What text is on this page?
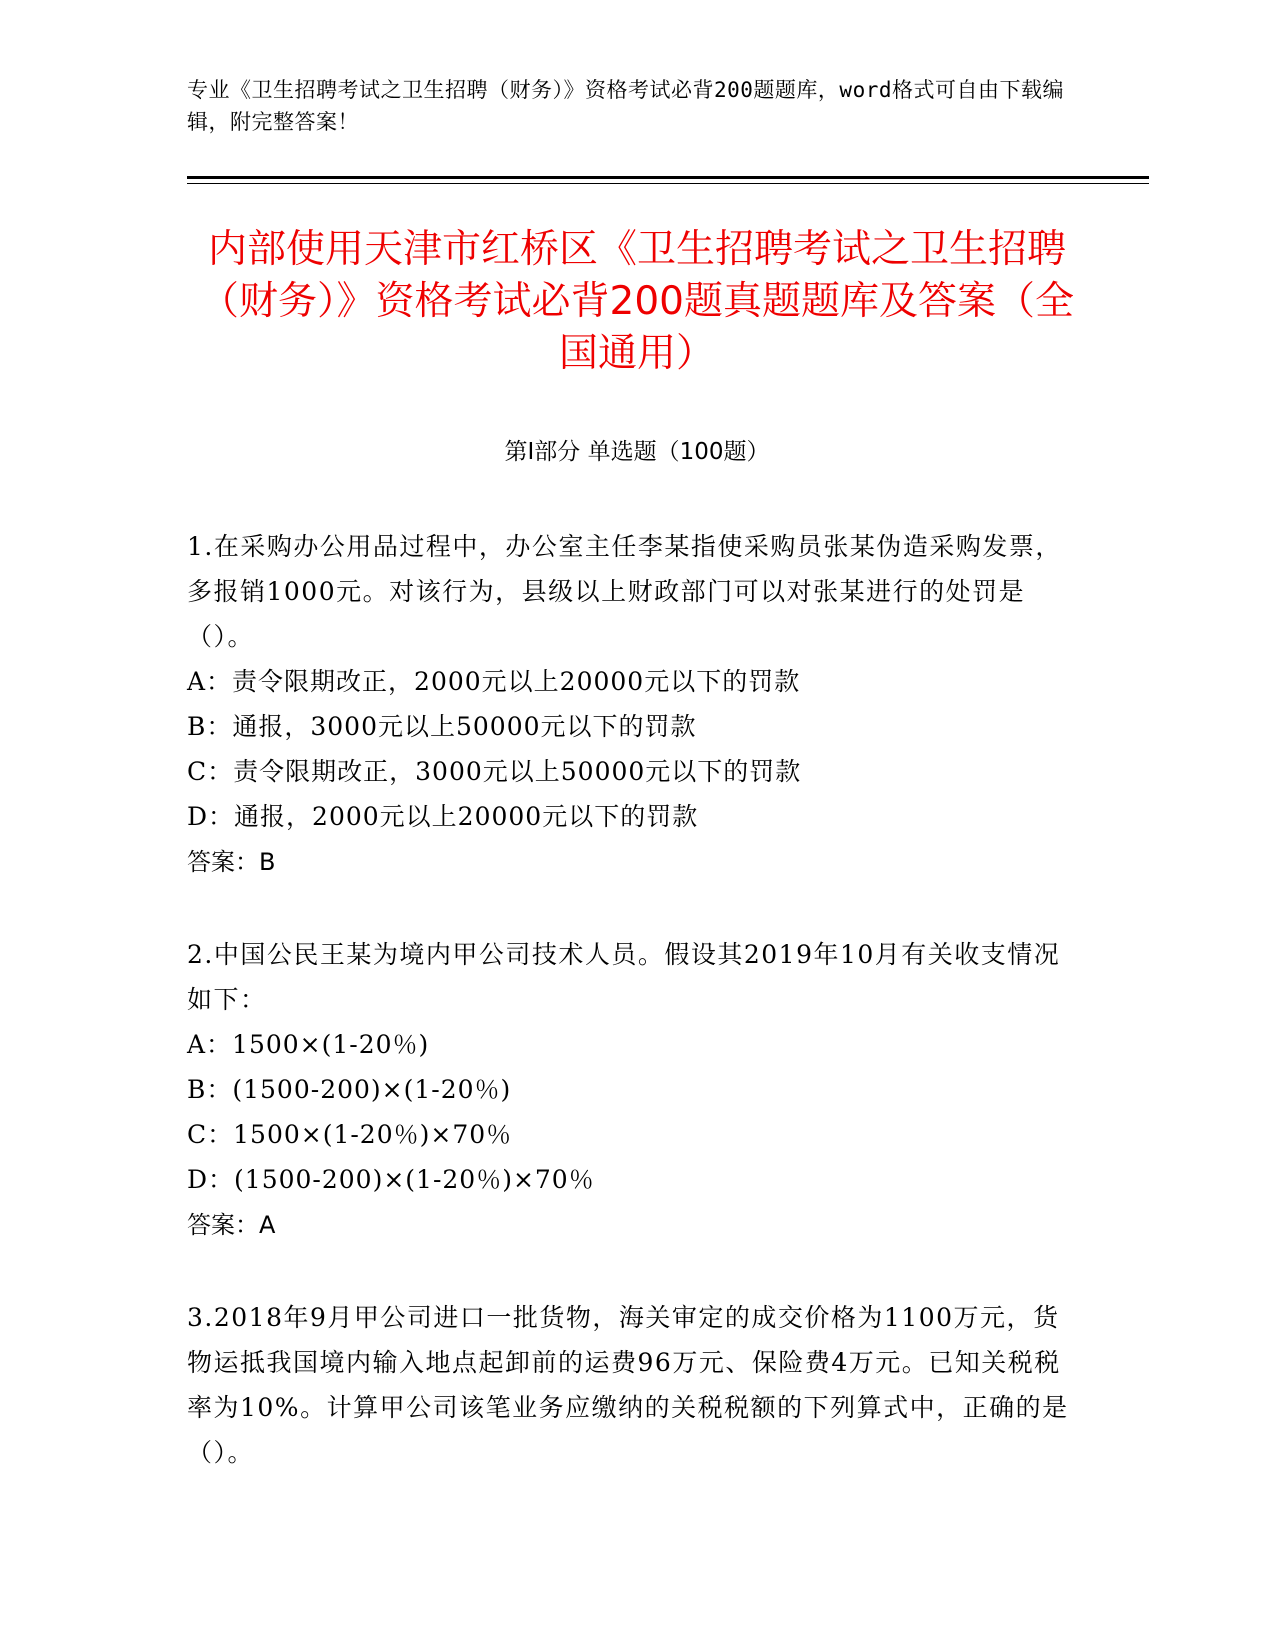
专业《卫生招聘考试之卫生招聘（财务）》资格考试必背200题题库，word格式可自由下载编辑，附完整答案！
内部使用天津市红桥区《卫生招聘考试之卫生招聘（财务）》资格考试必背200题真题题库及答案（全国通用）
第Ⅰ部分 单选题（100题）
1.在采购办公用品过程中，办公室主任李某指使采购员张某伪造采购发票，多报销1000元。对该行为，县级以上财政部门可以对张某进行的处罚是（）。
A：责令限期改正，2000元以上20000元以下的罚款
B：通报，3000元以上50000元以下的罚款
C：责令限期改正，3000元以上50000元以下的罚款
D：通报，2000元以上20000元以下的罚款
答案：B
2.中国公民王某为境内甲公司技术人员。假设其2019年10月有关收支情况如下：
A：1500×(1-20％)
B：(1500-200)×(1-20％)
C：1500×(1-20％)×70％
D：(1500-200)×(1-20％)×70％
答案：A
3.2018年9月甲公司进口一批货物，海关审定的成交价格为1100万元，货物运抵我国境内输入地点起卸前的运费96万元、保险费4万元。已知关税税率为10%。计算甲公司该笔业务应缴纳的关税税额的下列算式中，正确的是（）。
